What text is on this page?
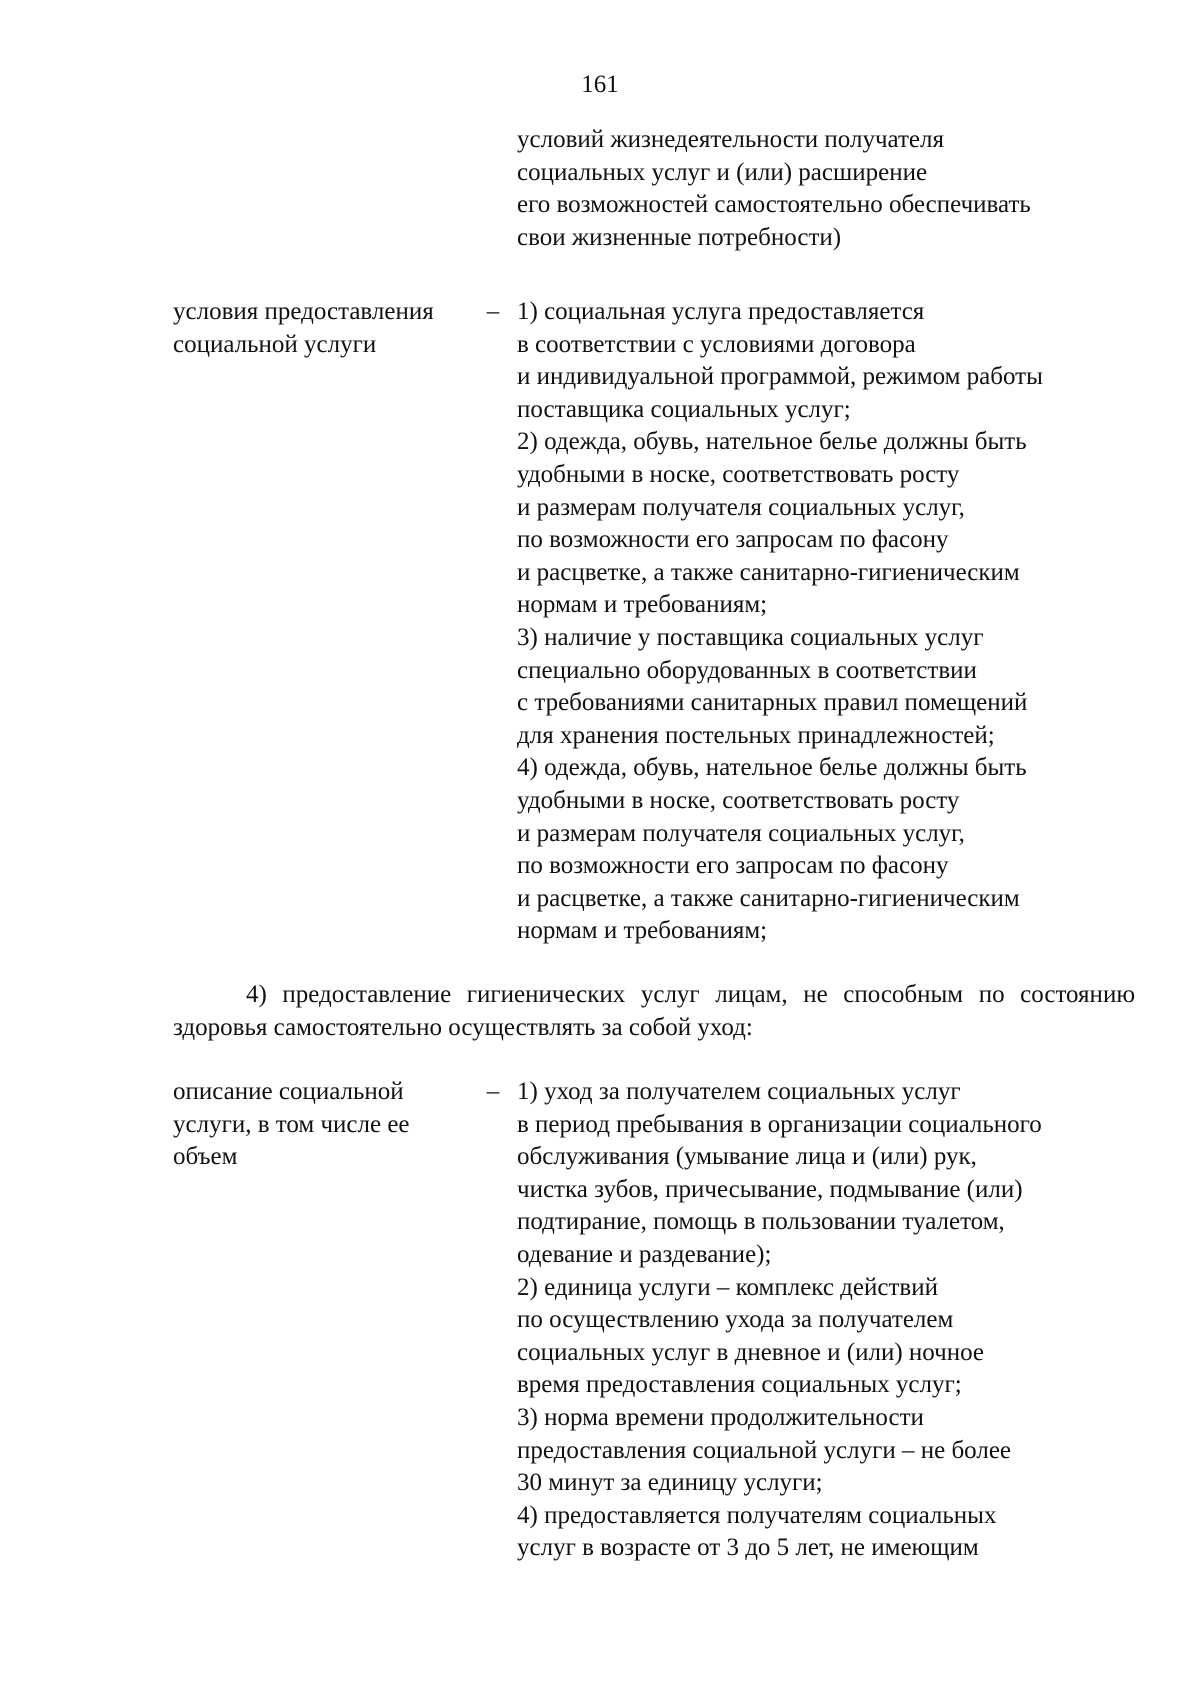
161
условий жизнедеятельности получателя
социальных услуг и (или) расширение
его возможностей самостоятельно обеспечивать
свои жизненные потребности)
условия предоставления
социальной услуги
– 1) социальная услуга предоставляется
в соответствии с условиями договора
и индивидуальной программой, режимом работы
поставщика социальных услуг;
2) одежда, обувь, нательное белье должны быть
удобными в носке, соответствовать росту
и размерам получателя социальных услуг,
по возможности его запросам по фасону
и расцветке, а также санитарно-гигиеническим
нормам и требованиям;
3) наличие у поставщика социальных услуг
специально оборудованных в соответствии
с требованиями санитарных правил помещений
для хранения постельных принадлежностей;
4) одежда, обувь, нательное белье должны быть
удобными в носке, соответствовать росту
и размерам получателя социальных услуг,
по возможности его запросам по фасону
и расцветке, а также санитарно-гигиеническим
нормам и требованиям;
4) предоставление гигиенических услуг лицам, не способным по состоянию
здоровья самостоятельно осуществлять за собой уход:
описание социальной
услуги, в том числе ее
объем
– 1) уход за получателем социальных услуг
в период пребывания в организации социального
обслуживания (умывание лица и (или) рук,
чистка зубов, причесывание, подмывание (или)
подтирание, помощь в пользовании туалетом,
одевание и раздевание);
2) единица услуги – комплекс действий
по осуществлению ухода за получателем
социальных услуг в дневное и (или) ночное
время предоставления социальных услуг;
3) норма времени продолжительности
предоставления социальной услуги – не более
30 минут за единицу услуги;
4) предоставляется получателям социальных
услуг в возрасте от 3 до 5 лет, не имеющим
